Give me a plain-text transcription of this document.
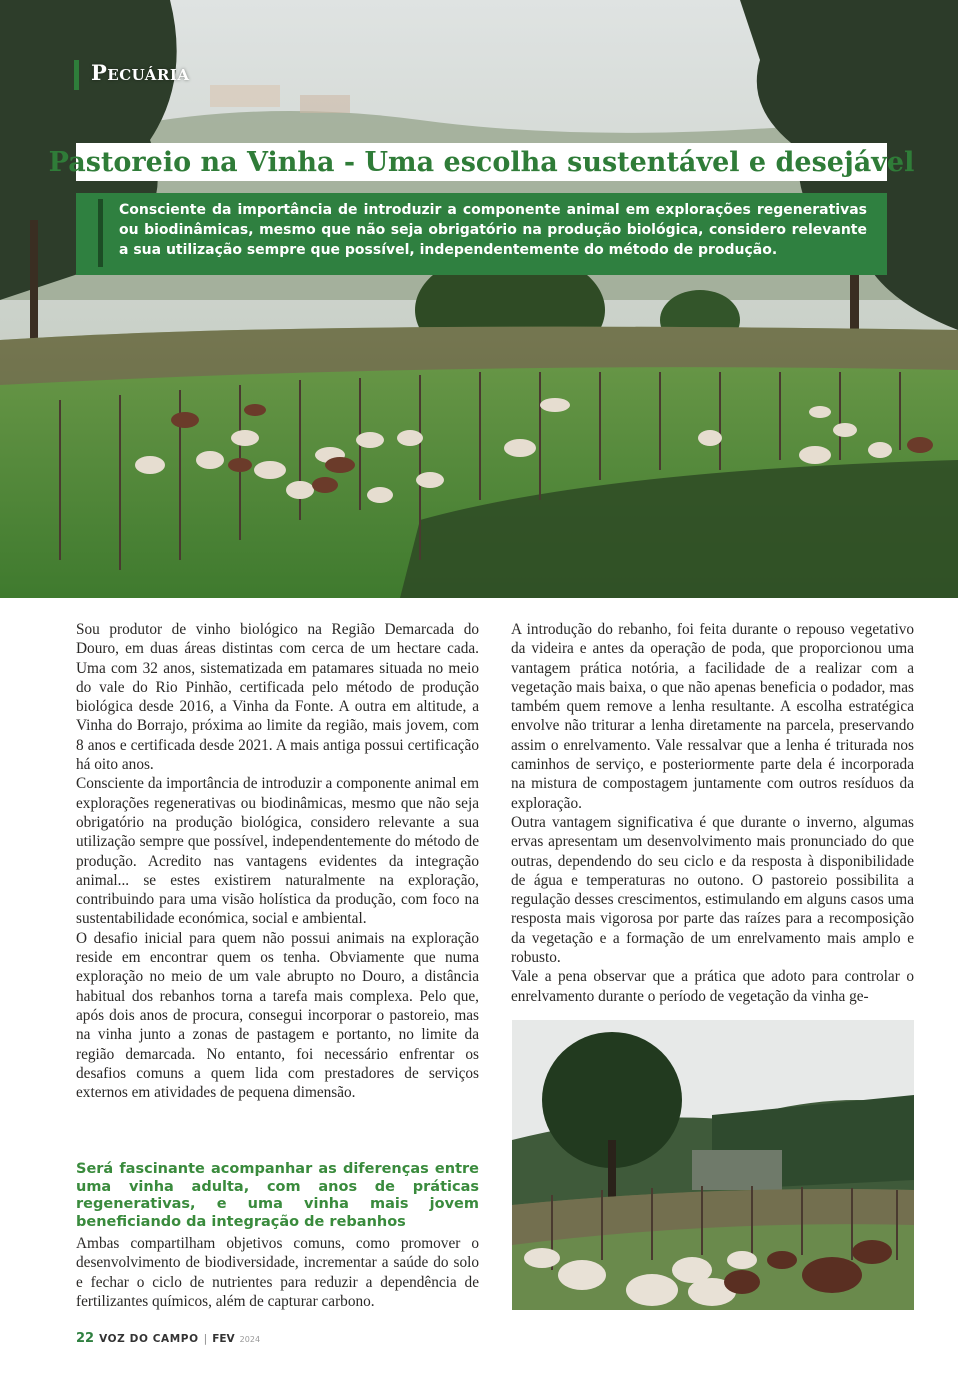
Pecuária
Pastoreio na Vinha - Uma escolha sustentável e desejável

Consciente da importância de introduzir a componente animal em explorações regenerativas ou biodinâmicas, mesmo que não seja obrigatório na produção biológica, considero relevante a sua utilização sempre que possível, independentemente do método de produção.

Sou produtor de vinho biológico na Região Demarcada do Douro, em duas áreas distintas com cerca de um hectare cada. Uma com 32 anos, sistematizada em patamares situada no meio do vale do Rio Pinhão, certificada pelo método de produção biológica desde 2016, a Vinha da Fonte. A outra em altitude, a Vinha do Borrajo, próxima ao limite da região, mais jovem, com 8 anos e certificada desde 2021. A mais antiga possui certificação há oito anos.

Consciente da importância de introduzir a componente animal em explorações regenerativas ou biodinâmicas, mesmo que não seja obrigatório na produção biológica, considero relevante a sua utilização sempre que possível, independentemente do método de produção. Acredito nas vantagens evidentes da integração animal... se estes existirem naturalmente na exploração, contribuindo para uma visão holística da produção, com foco na sustentabilidade económica, social e ambiental.

O desafio inicial para quem não possui animais na exploração reside em encontrar quem os tenha. Obviamente que numa exploração no meio de um vale abrupto no Douro, a distância habitual dos rebanhos torna a tarefa mais complexa. Pelo que, após dois anos de procura, consegui incorporar o pastoreio, mas na vinha junto a zonas de pastagem e portanto, no limite da região demarcada. No entanto, foi necessário enfrentar os desafios comuns a quem lida com prestadores de serviços externos em atividades de pequena dimensão.

Será fascinante acompanhar as diferenças entre uma vinha adulta, com anos de práticas regenerativas, e uma vinha mais jovem beneficiando da integração de rebanhos

Ambas compartilham objetivos comuns, como promover o desenvolvimento de biodiversidade, incrementar a saúde do solo e fechar o ciclo de nutrientes para reduzir a dependência de fertilizantes químicos, além de capturar carbono.

A introdução do rebanho, foi feita durante o repouso vegetativo da videira e antes da operação de poda, que proporcionou uma vantagem prática notória, a facilidade de a realizar com a vegetação mais baixa, o que não apenas beneficia o podador, mas também quem remove a lenha resultante. A escolha estratégica envolve não triturar a lenha diretamente na parcela, preservando assim o enrelvamento. Vale ressalvar que a lenha é triturada nos caminhos de serviço, e posteriormente parte dela é incorporada na mistura de compostagem juntamente com outros resíduos da exploração.

Outra vantagem significativa é que durante o inverno, algumas ervas apresentam um desenvolvimento mais pronunciado do que outras, dependendo do seu ciclo e da resposta à disponibilidade de água e temperaturas no outono. O pastoreio possibilita a regulação desses crescimentos, estimulando em alguns casos uma resposta mais vigorosa por parte das raízes para a recomposição da vegetação e a formação de um enrelvamento mais amplo e robusto.

Vale a pena observar que a prática que adoto para controlar o enrelvamento durante o período de vegetação da vinha ge-

22 VOZ DO CAMPO | FEV 2024
